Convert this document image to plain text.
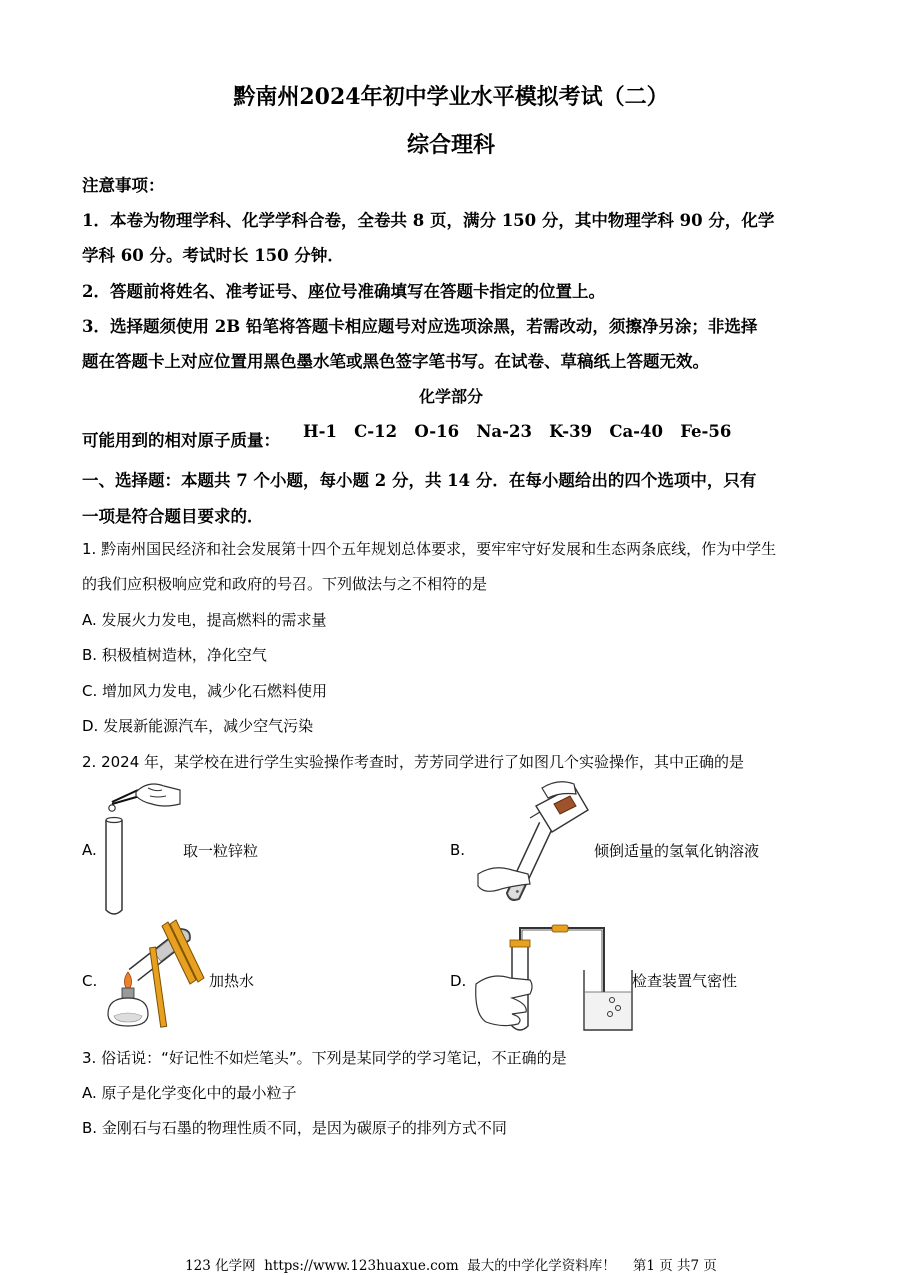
黔南州2024年初中学业水平模拟考试（二）
综合理科
注意事项：
1．本卷为物理学科、化学学科合卷，全卷共 8 页，满分 150 分，其中物理学科 90 分，化学
学科 60 分。考试时长 150 分钟．
2．答题前将姓名、准考证号、座位号准确填写在答题卡指定的位置上。
3．选择题须使用 2B 铅笔将答题卡相应题号对应选项涂黑，若需改动，须擦净另涂；非选择
题在答题卡上对应位置用黑色墨水笔或黑色签字笔书写。在试卷、草稿纸上答题无效。
化学部分
可能用到的相对原子质量： H-1   C-12   O-16   Na-23   K-39   Ca-40   Fe-56
一、选择题：本题共 7 个小题，每小题 2 分，共 14 分．在每小题给出的四个选项中，只有
一项是符合题目要求的．
1. 黔南州国民经济和社会发展第十四个五年规划总体要求，要牢牢守好发展和生态两条底线，作为中学生
的我们应积极响应党和政府的号召。下列做法与之不相符的是
A. 发展火力发电，提高燃料的需求量
B. 积极植树造林，净化空气
C. 增加风力发电，减少化石燃料使用
D. 发展新能源汽车，减少空气污染
2. 2024 年，某学校在进行学生实验操作考查时，芳芳同学进行了如图几个实验操作，其中正确的是
A.	取一粒锌粒	B.	倾倒适量的氢氧化钠溶液
C.	加热水	D.	检查装置气密性
3. 俗话说：“好记性不如烂笔头”。下列是某同学的学习笔记，不正确的是
A. 原子是化学变化中的最小粒子
B. 金刚石与石墨的物理性质不同，是因为碳原子的排列方式不同
123 化学网  https://www.123huaxue.com  最大的中学化学资料库！    第1 页 共7 页
